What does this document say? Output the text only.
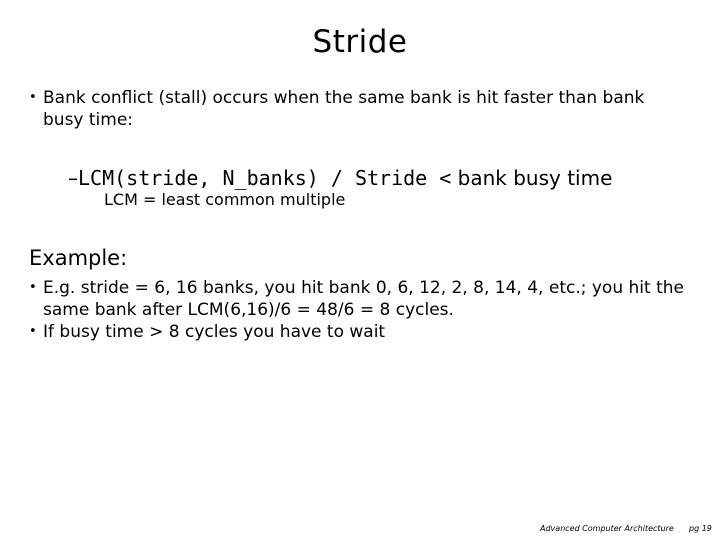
Stride
• Bank conflict (stall) occurs when the same bank is hit faster than bank busy time:
–LCM(stride, N_banks) / Stride < bank busy time
LCM = least common multiple
Example:
• E.g. stride = 6, 16 banks, you hit bank 0, 6, 12, 2, 8, 14, 4, etc.; you hit the same bank after LCM(6,16)/6 = 48/6 = 8 cycles.
• If busy time > 8 cycles you have to wait
Advanced Computer Architecture pg 19
